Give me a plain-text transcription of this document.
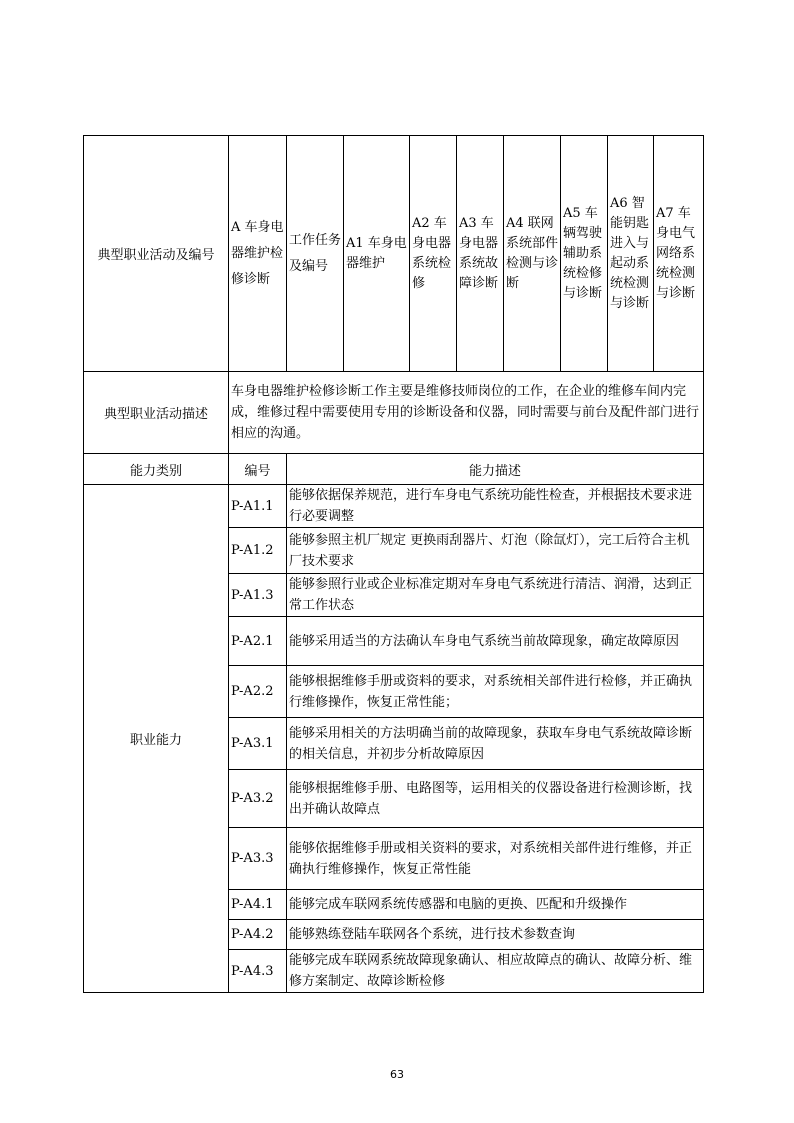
典型职业活动及编号	A 车身电器维护检修诊断	工作任务及编号	A1 车身电器维护	A2 车身电器系统检修	A3 车身电器系统故障诊断	A4 联网系统部件检测与诊断	A5 车辆驾驶辅助系统检修与诊断	A6 智能钥匙进入与起动系统检测与诊断	A7 车身电气网络系统检测与诊断
典型职业活动描述	车身电器维护检修诊断工作主要是维修技师岗位的工作，在企业的维修车间内完成，维修过程中需要使用专用的诊断设备和仪器，同时需要与前台及配件部门进行相应的沟通。								
能力类别	编号	能力描述							
职业能力	P-A1.1	能够依据保养规范，进行车身电气系统功能性检查，并根据技术要求进行必要调整							
	P-A1.2	能够参照主机厂规定 更换雨刮器片、灯泡（除氙灯），完工后符合主机厂技术要求							
	P-A1.3	能够参照行业或企业标准定期对车身电气系统进行清洁、润滑，达到正常工作状态							
	P-A2.1	能够采用适当的方法确认车身电气系统当前故障现象，确定故障原因							
	P-A2.2	能够根据维修手册或资料的要求，对系统相关部件进行检修，并正确执行维修操作，恢复正常性能；							
	P-A3.1	能够采用相关的方法明确当前的故障现象，获取车身电气系统故障诊断的相关信息，并初步分析故障原因							
	P-A3.2	能够根据维修手册、电路图等，运用相关的仪器设备进行检测诊断，找出并确认故障点							
	P-A3.3	能够依据维修手册或相关资料的要求，对系统相关部件进行维修，并正确执行维修操作，恢复正常性能							
	P-A4.1	能够完成车联网系统传感器和电脑的更换、匹配和升级操作							
	P-A4.2	能够熟练登陆车联网各个系统，进行技术参数查询							
	P-A4.3	能够完成车联网系统故障现象确认、相应故障点的确认、故障分析、维修方案制定、故障诊断检修							
63
